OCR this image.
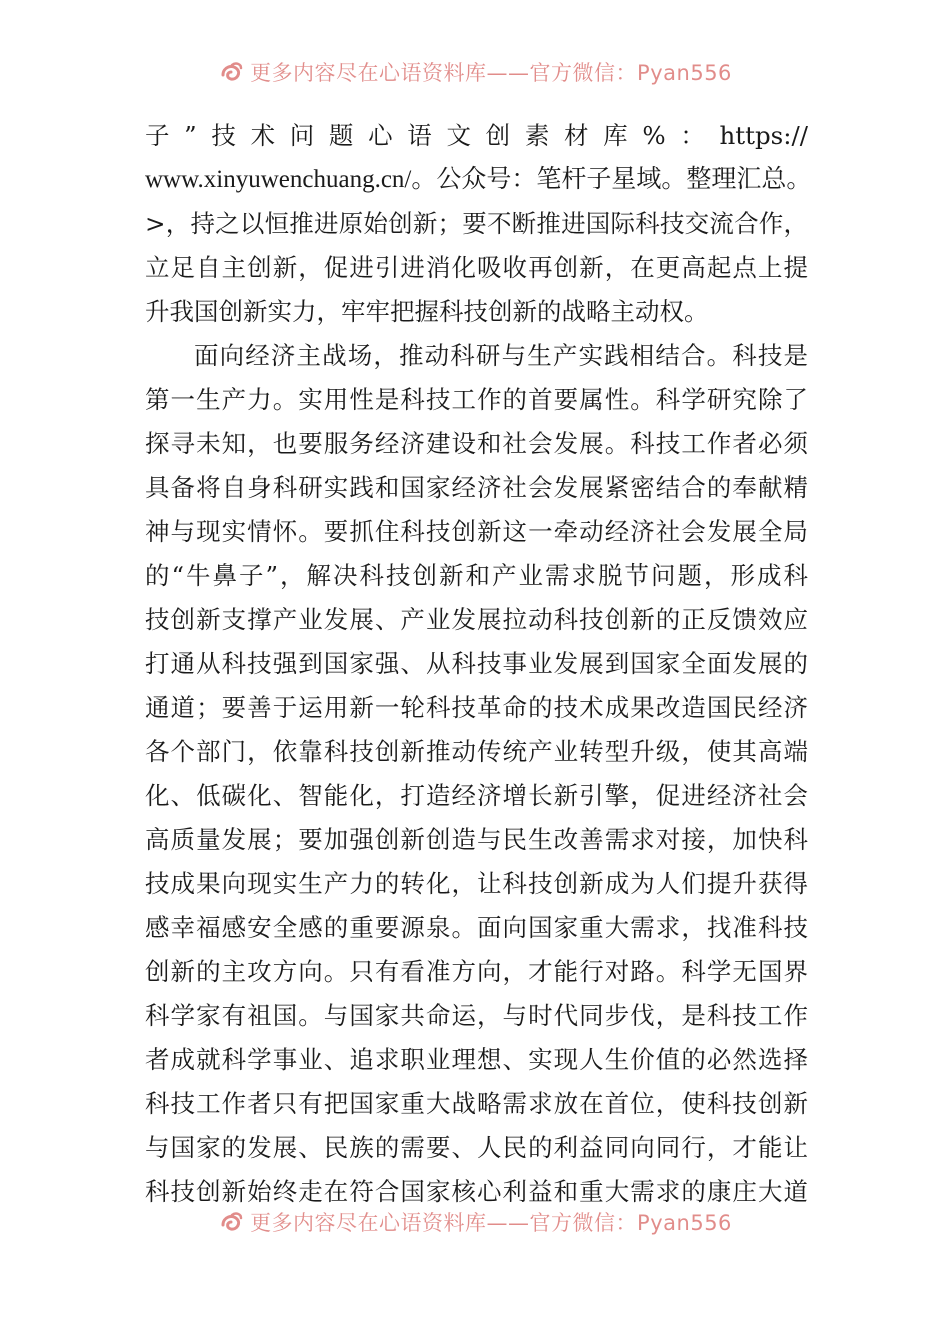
更多内容尽在心语资料库——官方微信：Pyan556
子”技术问题心语文创素材库%：https://
www.xinyuwenchuang.cn/。公众号：笔杆子星域。整理汇总。
>，持之以恒推进原始创新；要不断推进国际科技交流合作，
立足自主创新，促进引进消化吸收再创新，在更高起点上提
升我国创新实力，牢牢把握科技创新的战略主动权。
面向经济主战场，推动科研与生产实践相结合。科技是
第一生产力。实用性是科技工作的首要属性。科学研究除了
探寻未知，也要服务经济建设和社会发展。科技工作者必须
具备将自身科研实践和国家经济社会发展紧密结合的奉献精
神与现实情怀。要抓住科技创新这一牵动经济社会发展全局
的“牛鼻子”，解决科技创新和产业需求脱节问题，形成科
技创新支撑产业发展、产业发展拉动科技创新的正反馈效应
打通从科技强到国家强、从科技事业发展到国家全面发展的
通道；要善于运用新一轮科技革命的技术成果改造国民经济
各个部门，依靠科技创新推动传统产业转型升级，使其高端
化、低碳化、智能化，打造经济增长新引擎，促进经济社会
高质量发展；要加强创新创造与民生改善需求对接，加快科
技成果向现实生产力的转化，让科技创新成为人们提升获得
感幸福感安全感的重要源泉。面向国家重大需求，找准科技
创新的主攻方向。只有看准方向，才能行对路。科学无国界
科学家有祖国。与国家共命运，与时代同步伐，是科技工作
者成就科学事业、追求职业理想、实现人生价值的必然选择
科技工作者只有把国家重大战略需求放在首位，使科技创新
与国家的发展、民族的需要、人民的利益同向同行，才能让
科技创新始终走在符合国家核心利益和重大需求的康庄大道
更多内容尽在心语资料库——官方微信：Pyan556
